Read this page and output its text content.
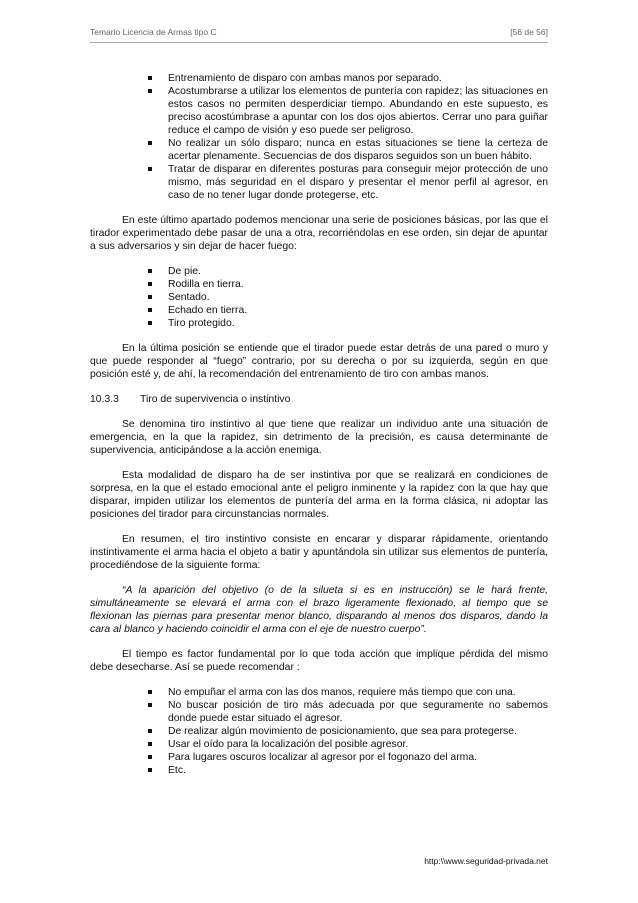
Temario Licencia de Armas tipo C	[56 de 56]
Entrenamiento de disparo con ambas manos por separado.
Acostumbrarse a utilizar los elementos de puntería con rapidez; las situaciones en estos casos no permiten desperdiciar tiempo. Abundando en este supuesto, es preciso acostúmbrase a apuntar con los dos ojos abiertos. Cerrar uno para guiñar reduce el campo de visión y eso puede ser peligroso.
No realizar un sólo disparo; nunca en estas situaciones se tiene la certeza de acertar plenamente. Secuencias de dos disparos seguidos son un buen hábito.
Tratar de disparar en diferentes posturas para conseguir mejor protección de uno mismo, más seguridad en el disparo y presentar el menor perfil al agresor, en caso de no tener lugar donde protegerse, etc.

En este último apartado podemos mencionar una serie de posiciones básicas, por las que el tirador experimentado debe pasar de una a otra, recorriéndolas en ese orden, sin dejar de apuntar a sus adversarios y sin dejar de hacer fuego:

De pie.
Rodilla en tierra.
Sentado.
Echado en tierra.
Tiro protegido.

En la última posición se entiende que el tirador puede estar detrás de una pared o muro y que puede responder al “fuego” contrario, por su derecha o por su izquierda, según en que posición esté y, de ahí, la recomendación del entrenamiento de tiro con ambas manos.

10.3.3	Tiro de supervivencia o instintivo

Se denomina tiro instintivo al que tiene que realizar un individuo ante una situación de emergencia, en la que la rapidez, sin detrimento de la precisión, es causa determinante de supervivencia, anticipándose a la acción enemiga.

Esta modalidad de disparo ha de ser instintiva por que se realizará en condiciones de sorpresa, en la que el estado emocional ante el peligro inminente y la rapidez con la que hay que disparar, impiden utilizar los elementos de puntería del arma en la forma clásica, ni adoptar las posiciones del tirador para circunstancias normales.

En resumen, el tiro instintivo consiste en encarar y disparar rápidamente, orientando instintivamente el arma hacia el objeto a batir y apuntándola sin utilizar sus elementos de puntería, procediéndose de la siguiente forma:

“A la aparición del objetivo (o de la silueta si es en instrucción) se le hará frente, simultáneamente se elevará el arma con el brazo ligeramente flexionado, al tiempo que se flexionan las piernas para presentar menor blanco, disparando al menos dos disparos, dando la cara al blanco y haciendo coincidir el arma con el eje de nuestro cuerpo”.

El tiempo es factor fundamental por lo que toda acción que implique pérdida del mismo debe desecharse. Así se puede recomendar :

No empuñar el arma con las dos manos, requiere más tiempo que con una.
No buscar posición de tiro más adecuada por que seguramente no sabemos donde puede estar situado el agresor.
De realizar algún movimiento de posicionamiento, que sea para protegerse.
Usar el oído para la localización del posible agresor.
Para lugares oscuros localizar al agresor por el fogonazo del arma.
Etc.
http:\\www.seguridad-privada.net
